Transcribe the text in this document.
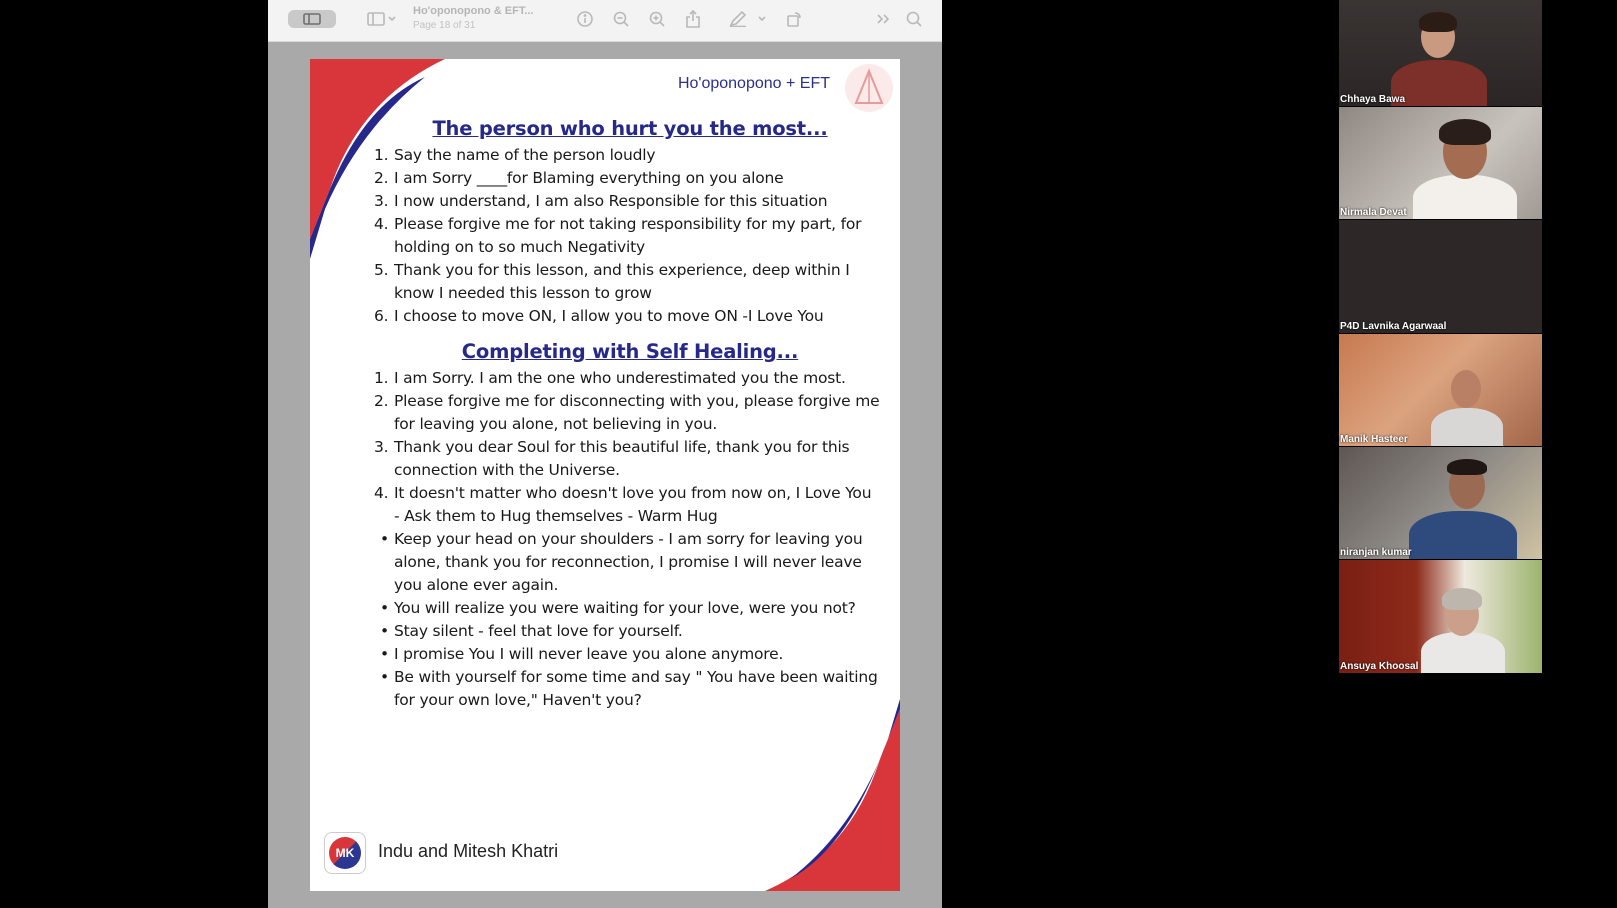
Ho'oponopono & EFT...
Page 18 of 31
Ho'oponopono + EFT
The person who hurt you the most...
1. Say the name of the person loudly
2. I am Sorry ____for Blaming everything on you alone
3. I now understand, I am also Responsible for this situation
4. Please forgive me for not taking responsibility for my part, for holding on to so much Negativity
5. Thank you for this lesson, and this experience, deep within I know I needed this lesson to grow
6. I choose to move ON, I allow you to move ON -I Love You
Completing with Self Healing...
1. I am Sorry. I am the one who underestimated you the most.
2. Please forgive me for disconnecting with you, please forgive me for leaving you alone, not believing in you.
3. Thank you dear Soul for this beautiful life, thank you for this connection with the Universe.
4. It doesn't matter who doesn't love you from now on, I Love You - Ask them to Hug themselves - Warm Hug
• Keep your head on your shoulders - I am sorry for leaving you alone, thank you for reconnection, I promise I will never leave you alone ever again.
• You will realize you were waiting for your love, were you not?
• Stay silent - feel that love for yourself.
• I promise You I will never leave you alone anymore.
• Be with yourself for some time and say " You have been waiting for your own love," Haven't you?
MK	Indu and Mitesh Khatri
Chhaya Bawa
Nirmala Devat
P4D Lavnika Agarwaal
Manik Hasteer
niranjan kumar
Ansuya Khoosal
